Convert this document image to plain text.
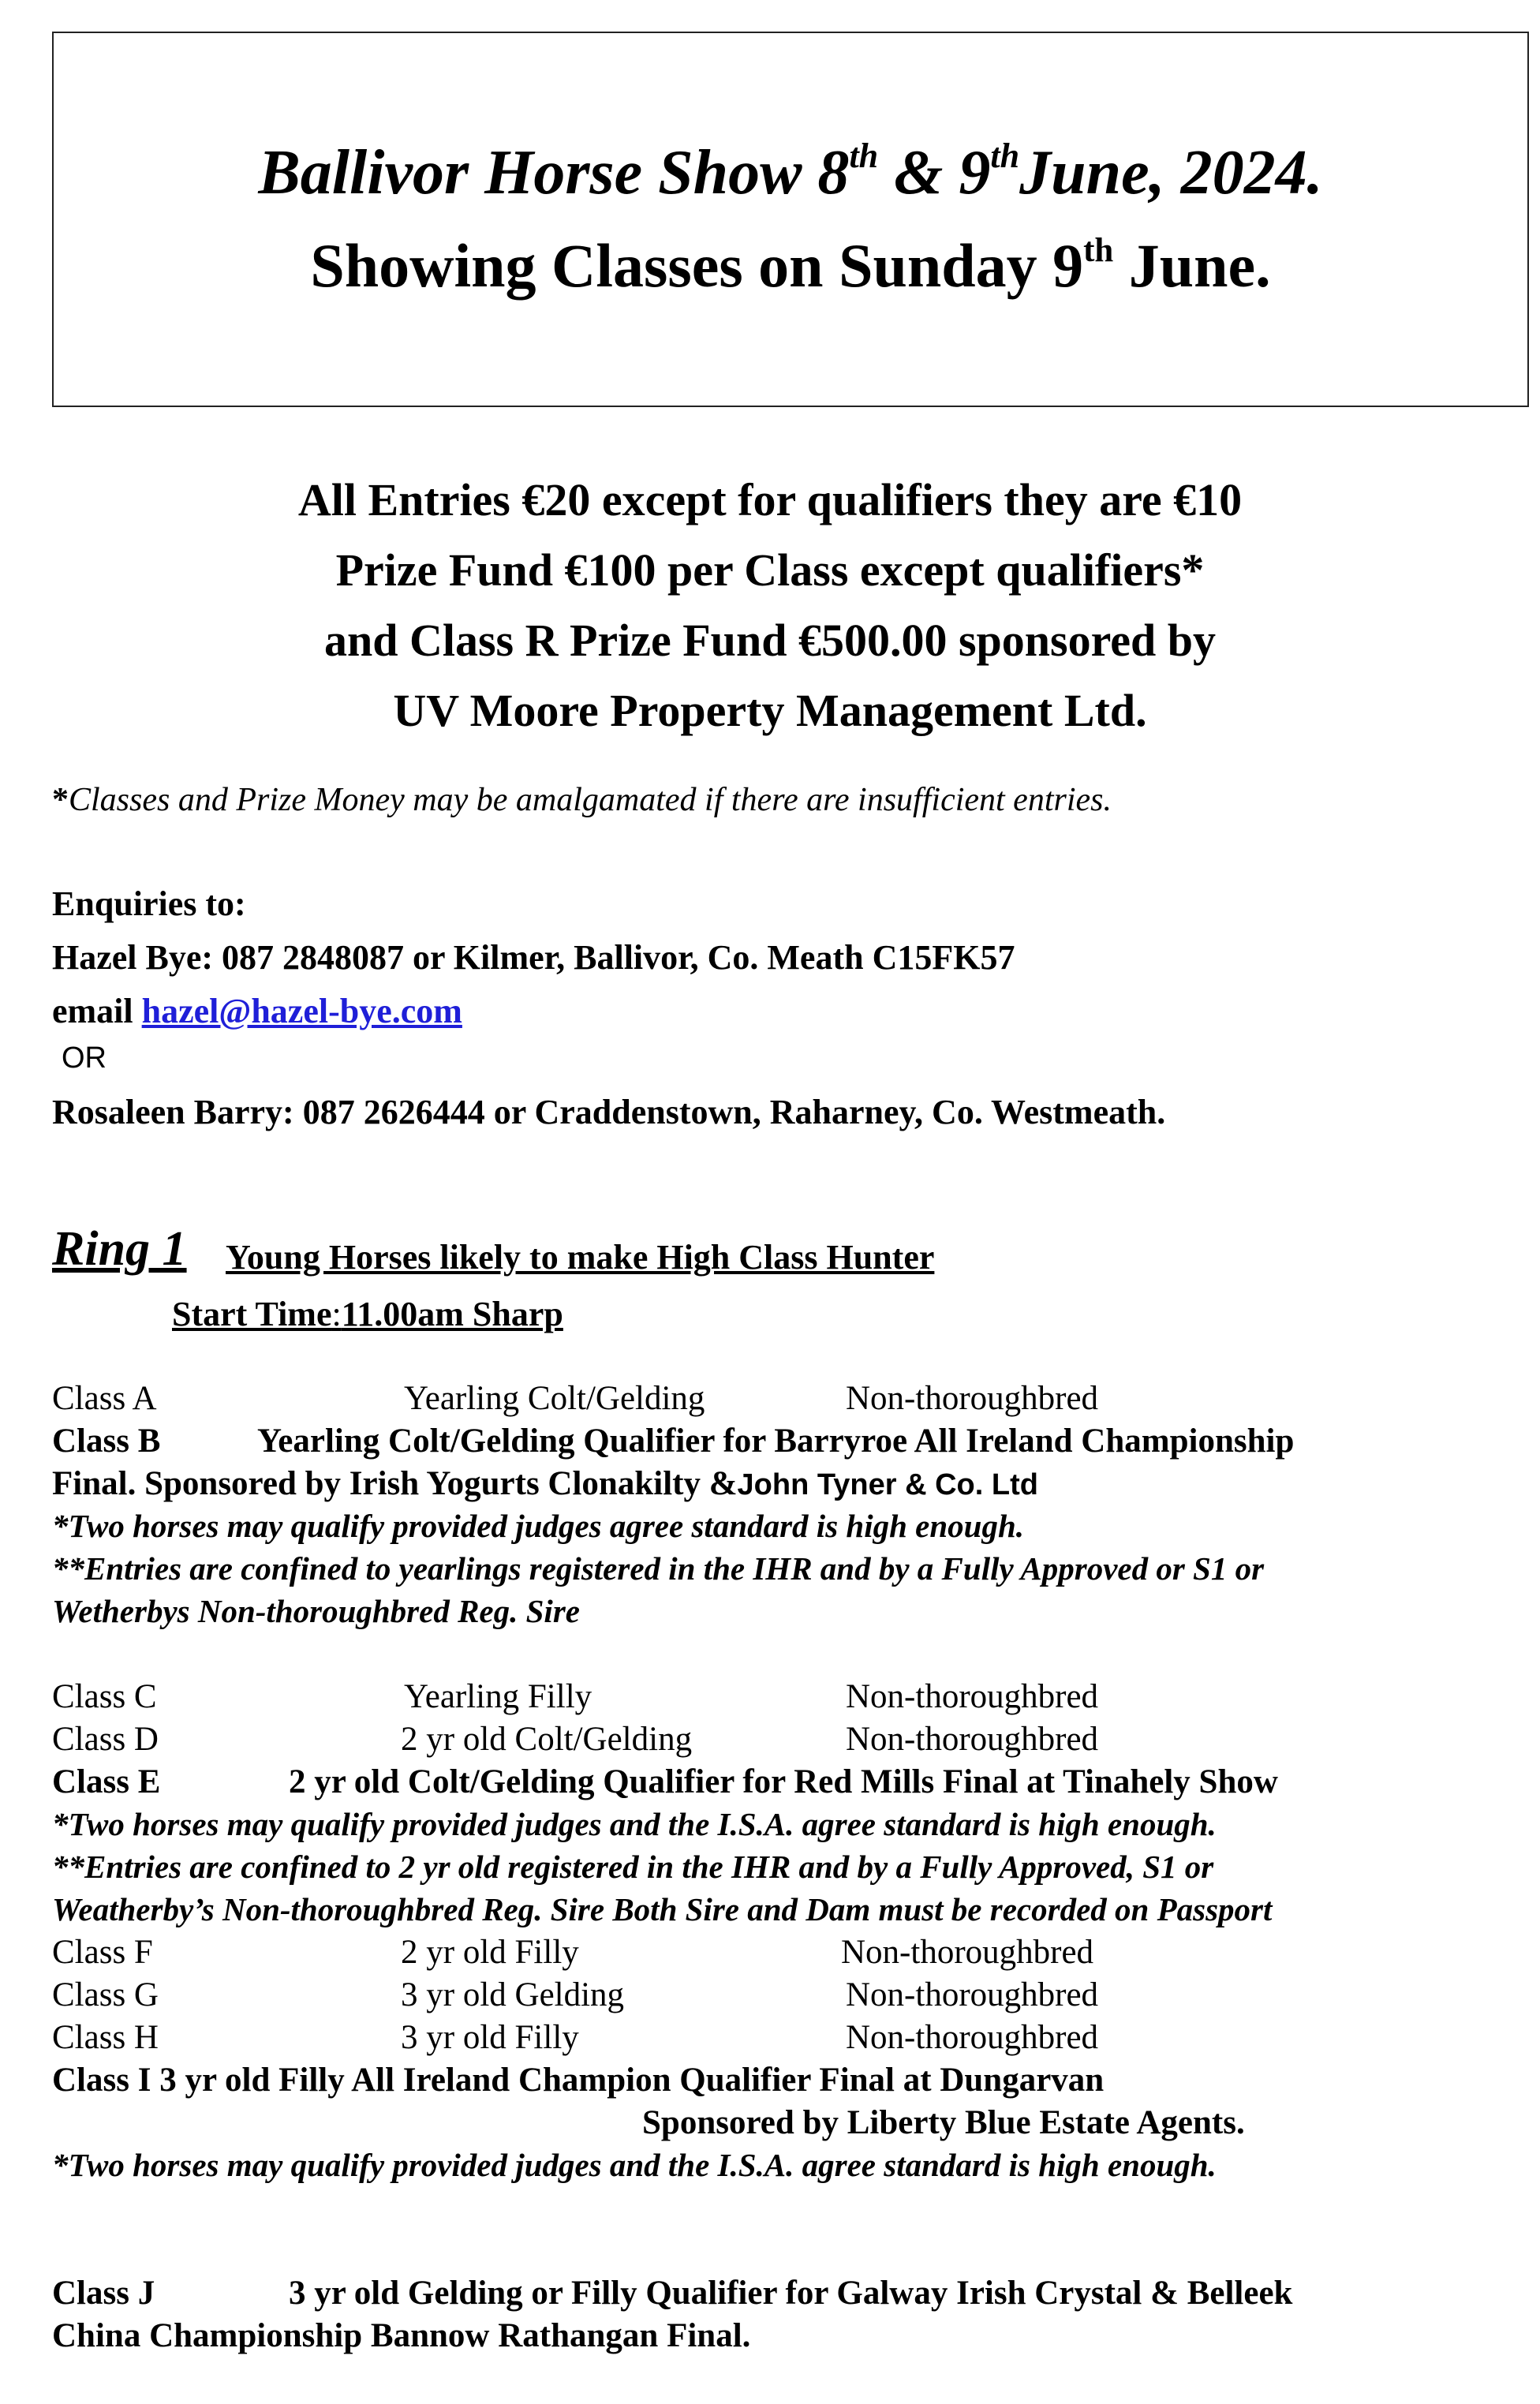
Ballivor Horse Show 8th & 9thJune, 2024.
Showing Classes on Sunday 9th June.
All Entries €20 except for qualifiers they are €10
Prize Fund €100 per Class except qualifiers*
and Class R Prize Fund €500.00 sponsored by
UV Moore Property Management Ltd.
*Classes and Prize Money may be amalgamated if there are insufficient entries.
Enquiries to:
Hazel Bye: 087 2848087 or Kilmer, Ballivor, Co. Meath C15FK57
email hazel@hazel-bye.com
OR
Rosaleen Barry: 087 2626444 or Craddenstown, Raharney, Co. Westmeath.
Ring 1 Young Horses likely to make High Class Hunter
Start Time:11.00am Sharp
Class A	Yearling Colt/Gelding	Non-thoroughbred
Class B	Yearling Colt/Gelding Qualifier for Barryroe All Ireland Championship
Final. Sponsored by Irish Yogurts Clonakilty &John Tyner & Co. Ltd
*Two horses may qualify provided judges agree standard is high enough.
**Entries are confined to yearlings registered in the IHR and by a Fully Approved or S1 or
Wetherbys Non-thoroughbred Reg. Sire
Class C	Yearling Filly	Non-thoroughbred
Class D	2 yr old Colt/Gelding	Non-thoroughbred
Class E	2 yr old Colt/Gelding Qualifier for Red Mills Final at Tinahely Show
*Two horses may qualify provided judges and the I.S.A. agree standard is high enough.
**Entries are confined to 2 yr old registered in the IHR and by a Fully Approved, S1 or
Weatherby’s Non-thoroughbred Reg. Sire Both Sire and Dam must be recorded on Passport
Class F	2 yr old Filly	Non-thoroughbred
Class G	3 yr old Gelding	Non-thoroughbred
Class H	3 yr old Filly	Non-thoroughbred
Class I 3 yr old Filly All Ireland Champion Qualifier Final at Dungarvan
Sponsored by Liberty Blue Estate Agents.
*Two horses may qualify provided judges and the I.S.A. agree standard is high enough.
Class J	3 yr old Gelding or Filly Qualifier for Galway Irish Crystal & Belleek
China Championship Bannow Rathangan Final.
